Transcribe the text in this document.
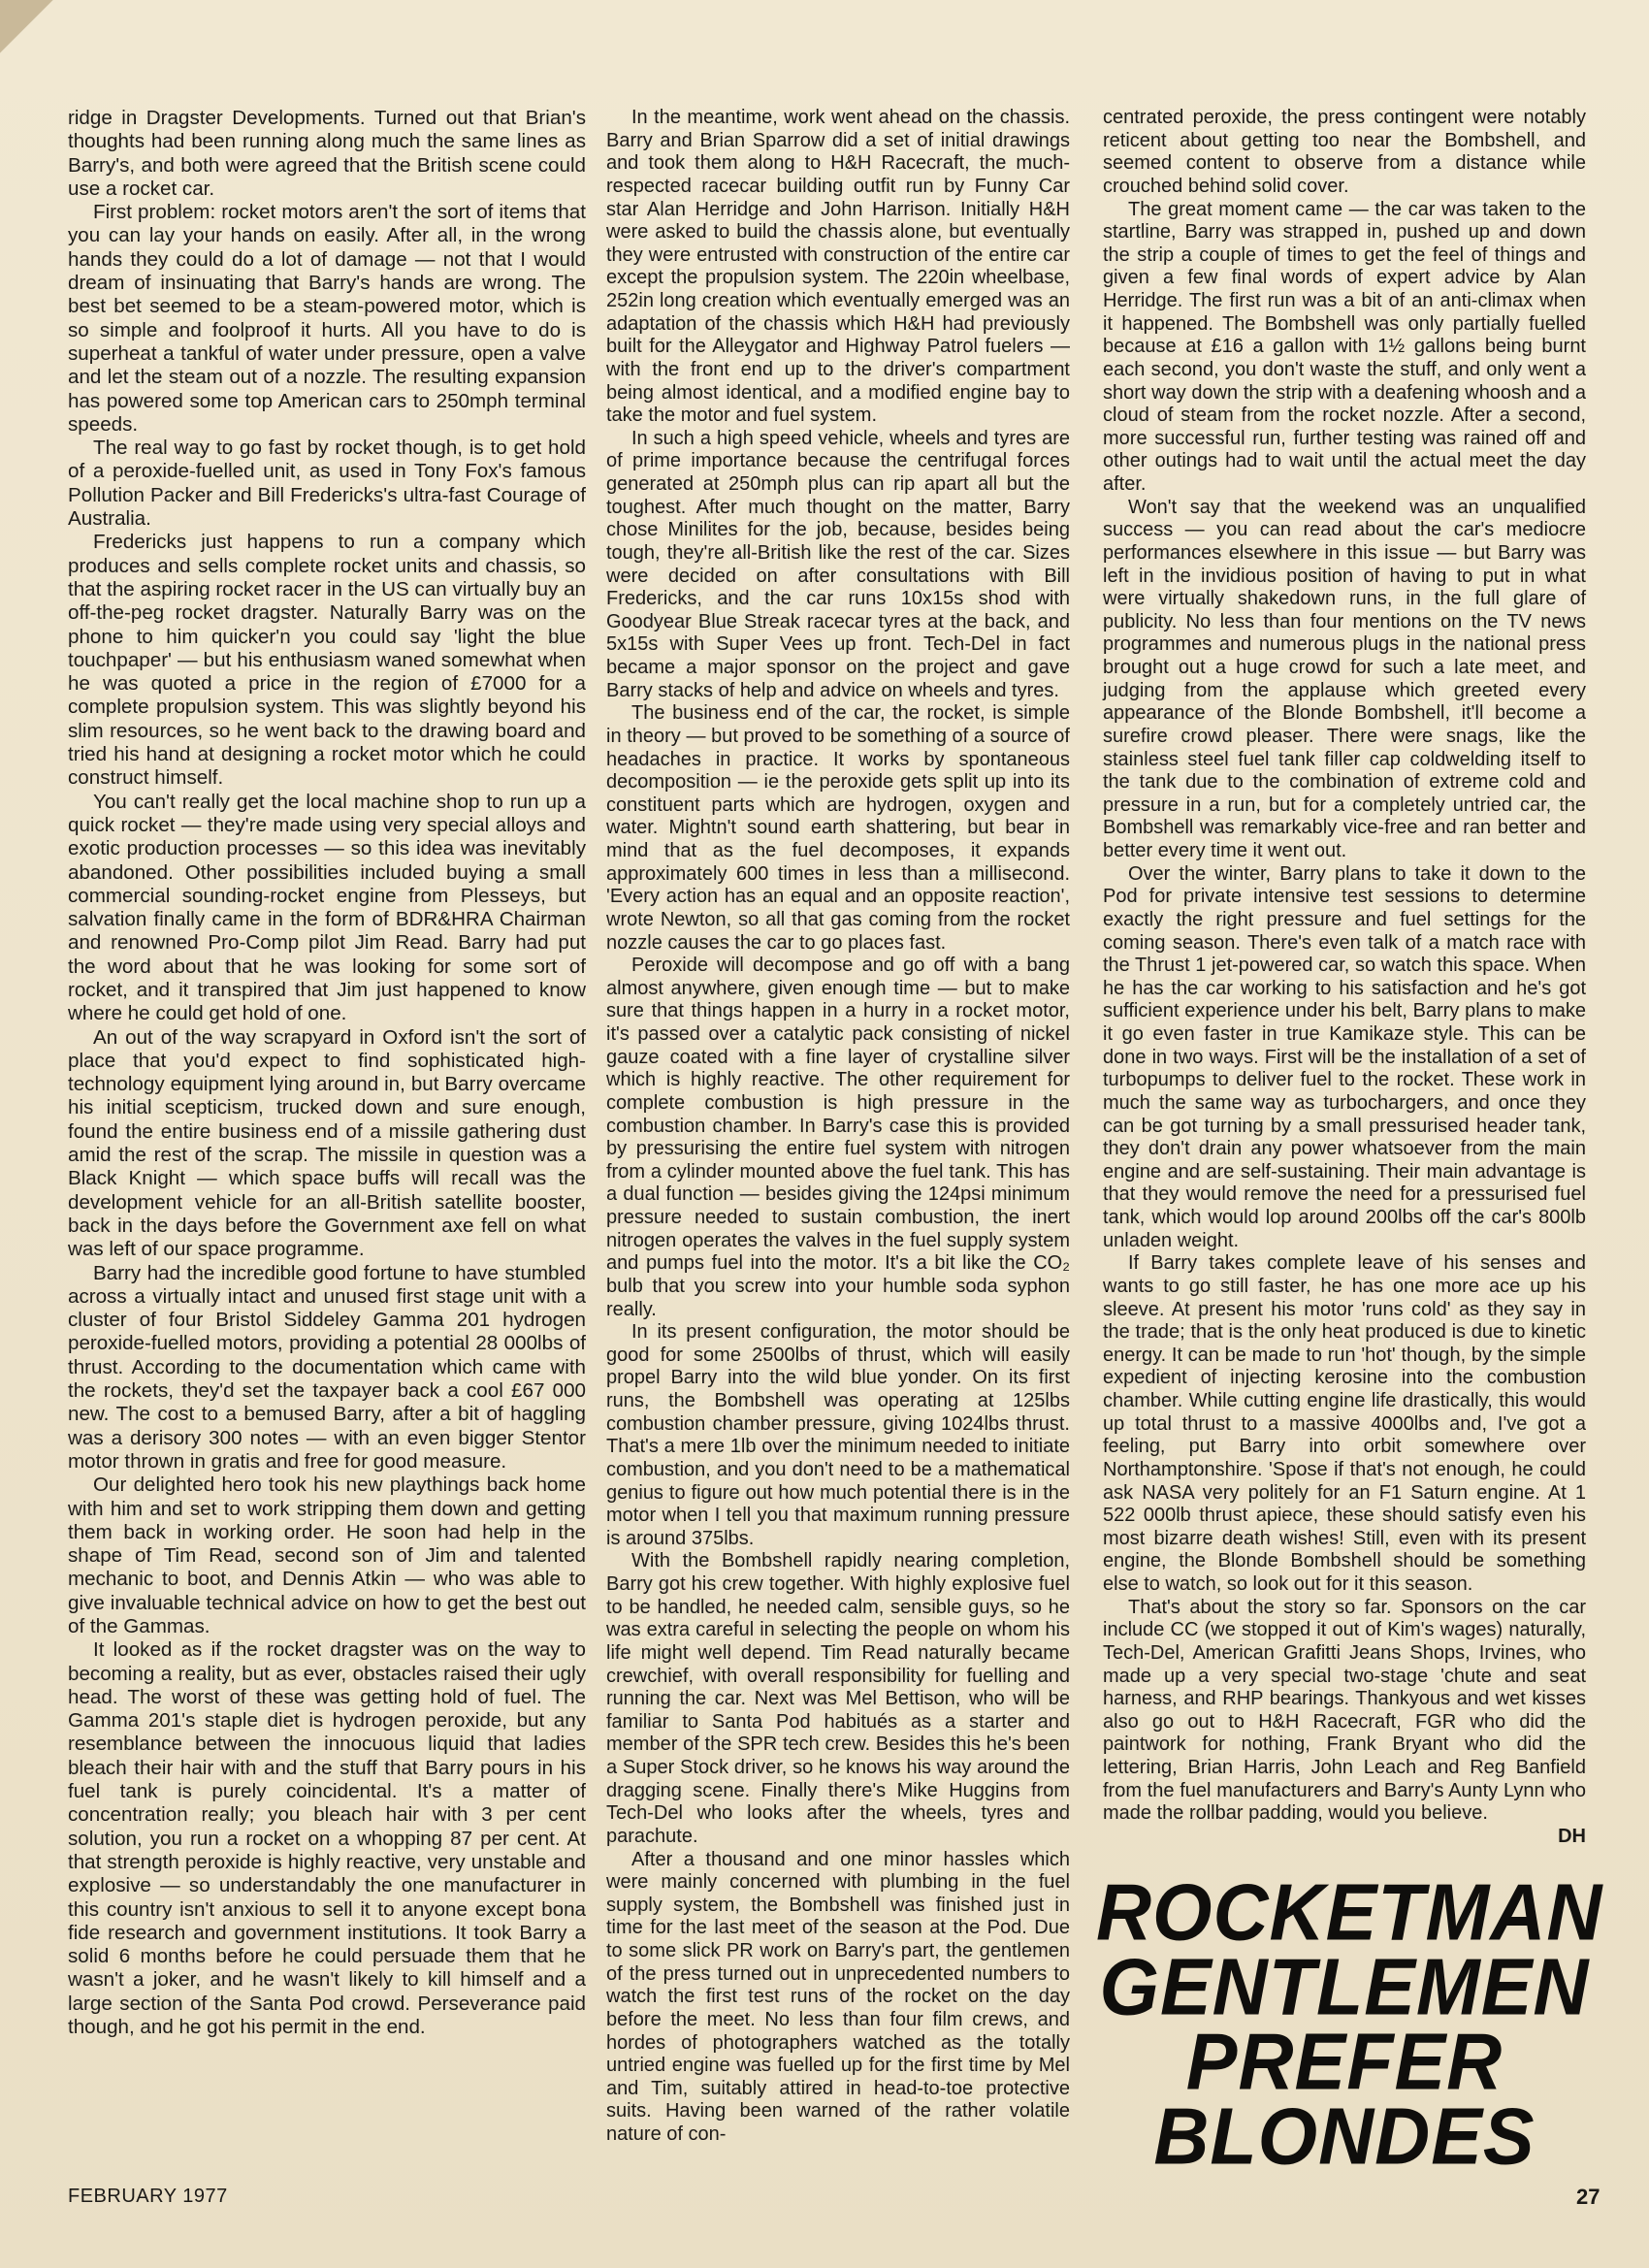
ridge in Dragster Developments. Turned out that Brian's thoughts had been running along much the same lines as Barry's, and both were agreed that the British scene could use a rocket car.

First problem: rocket motors aren't the sort of items that you can lay your hands on easily. After all, in the wrong hands they could do a lot of damage — not that I would dream of insinuating that Barry's hands are wrong. The best bet seemed to be a steam-powered motor, which is so simple and foolproof it hurts. All you have to do is superheat a tankful of water under pressure, open a valve and let the steam out of a nozzle. The resulting expansion has powered some top American cars to 250mph terminal speeds.

The real way to go fast by rocket though, is to get hold of a peroxide-fuelled unit, as used in Tony Fox's famous Pollution Packer and Bill Fredericks's ultra-fast Courage of Australia.

Fredericks just happens to run a company which produces and sells complete rocket units and chassis, so that the aspiring rocket racer in the US can virtually buy an off-the-peg rocket dragster. Naturally Barry was on the phone to him quicker'n you could say 'light the blue touchpaper' — but his enthusiasm waned somewhat when he was quoted a price in the region of £7000 for a complete propulsion system. This was slightly beyond his slim resources, so he went back to the drawing board and tried his hand at designing a rocket motor which he could construct himself.

You can't really get the local machine shop to run up a quick rocket — they're made using very special alloys and exotic production processes — so this idea was inevitably abandoned. Other possibilities included buying a small commercial sounding-rocket engine from Plesseys, but salvation finally came in the form of BDR&HRA Chairman and renowned Pro-Comp pilot Jim Read. Barry had put the word about that he was looking for some sort of rocket, and it transpired that Jim just happened to know where he could get hold of one.

An out of the way scrapyard in Oxford isn't the sort of place that you'd expect to find sophisticated high-technology equipment lying around in, but Barry overcame his initial scepticism, trucked down and sure enough, found the entire business end of a missile gathering dust amid the rest of the scrap. The missile in question was a Black Knight — which space buffs will recall was the development vehicle for an all-British satellite booster, back in the days before the Government axe fell on what was left of our space programme.

Barry had the incredible good fortune to have stumbled across a virtually intact and unused first stage unit with a cluster of four Bristol Siddeley Gamma 201 hydrogen peroxide-fuelled motors, providing a potential 28 000lbs of thrust. According to the documentation which came with the rockets, they'd set the taxpayer back a cool £67 000 new. The cost to a bemused Barry, after a bit of haggling was a derisory 300 notes — with an even bigger Stentor motor thrown in gratis and free for good measure.

Our delighted hero took his new playthings back home with him and set to work stripping them down and getting them back in working order. He soon had help in the shape of Tim Read, second son of Jim and talented mechanic to boot, and Dennis Atkin — who was able to give invaluable technical advice on how to get the best out of the Gammas.

It looked as if the rocket dragster was on the way to becoming a reality, but as ever, obstacles raised their ugly head. The worst of these was getting hold of fuel. The Gamma 201's staple diet is hydrogen peroxide, but any resemblance between the innocuous liquid that ladies bleach their hair with and the stuff that Barry pours in his fuel tank is purely coincidental. It's a matter of concentration really; you bleach hair with 3 per cent solution, you run a rocket on a whopping 87 per cent. At that strength peroxide is highly reactive, very unstable and explosive — so understandably the one manufacturer in this country isn't anxious to sell it to anyone except bona fide research and government institutions. It took Barry a solid 6 months before he could persuade them that he wasn't a joker, and he wasn't likely to kill himself and a large section of the Santa Pod crowd. Perseverance paid though, and he got his permit in the end.

In the meantime, work went ahead on the chassis. Barry and Brian Sparrow did a set of initial drawings and took them along to H&H Racecraft, the much-respected racecar building outfit run by Funny Car star Alan Herridge and John Harrison. Initially H&H were asked to build the chassis alone, but eventually they were entrusted with construction of the entire car except the propulsion system. The 220in wheelbase, 252in long creation which eventually emerged was an adaptation of the chassis which H&H had previously built for the Alleygator and Highway Patrol fuelers — with the front end up to the driver's compartment being almost identical, and a modified engine bay to take the motor and fuel system.

In such a high speed vehicle, wheels and tyres are of prime importance because the centrifugal forces generated at 250mph plus can rip apart all but the toughest. After much thought on the matter, Barry chose Minilites for the job, because, besides being tough, they're all-British like the rest of the car. Sizes were decided on after consultations with Bill Fredericks, and the car runs 10x15s shod with Goodyear Blue Streak racecar tyres at the back, and 5x15s with Super Vees up front. Tech-Del in fact became a major sponsor on the project and gave Barry stacks of help and advice on wheels and tyres.

The business end of the car, the rocket, is simple in theory — but proved to be something of a source of headaches in practice. It works by spontaneous decomposition — ie the peroxide gets split up into its constituent parts which are hydrogen, oxygen and water. Mightn't sound earth shattering, but bear in mind that as the fuel decomposes, it expands approximately 600 times in less than a millisecond. 'Every action has an equal and an opposite reaction', wrote Newton, so all that gas coming from the rocket nozzle causes the car to go places fast.

Peroxide will decompose and go off with a bang almost anywhere, given enough time — but to make sure that things happen in a hurry in a rocket motor, it's passed over a catalytic pack consisting of nickel gauze coated with a fine layer of crystalline silver which is highly reactive. The other requirement for complete combustion is high pressure in the combustion chamber. In Barry's case this is provided by pressurising the entire fuel system with nitrogen from a cylinder mounted above the fuel tank. This has a dual function — besides giving the 124psi minimum pressure needed to sustain combustion, the inert nitrogen operates the valves in the fuel supply system and pumps fuel into the motor. It's a bit like the CO₂ bulb that you screw into your humble soda syphon really.

In its present configuration, the motor should be good for some 2500lbs of thrust, which will easily propel Barry into the wild blue yonder. On its first runs, the Bombshell was operating at 125lbs combustion chamber pressure, giving 1024lbs thrust. That's a mere 1lb over the minimum needed to initiate combustion, and you don't need to be a mathematical genius to figure out how much potential there is in the motor when I tell you that maximum running pressure is around 375lbs.

With the Bombshell rapidly nearing completion, Barry got his crew together. With highly explosive fuel to be handled, he needed calm, sensible guys, so he was extra careful in selecting the people on whom his life might well depend. Tim Read naturally became crewchief, with overall responsibility for fuelling and running the car. Next was Mel Bettison, who will be familiar to Santa Pod habitués as a starter and member of the SPR tech crew. Besides this he's been a Super Stock driver, so he knows his way around the dragging scene. Finally there's Mike Huggins from Tech-Del who looks after the wheels, tyres and parachute.

After a thousand and one minor hassles which were mainly concerned with plumbing in the fuel supply system, the Bombshell was finished just in time for the last meet of the season at the Pod. Due to some slick PR work on Barry's part, the gentlemen of the press turned out in unprecedented numbers to watch the first test runs of the rocket on the day before the meet. No less than four film crews, and hordes of photographers watched as the totally untried engine was fuelled up for the first time by Mel and Tim, suitably attired in head-to-toe protective suits. Having been warned of the rather volatile nature of con-

centrated peroxide, the press contingent were notably reticent about getting too near the Bombshell, and seemed content to observe from a distance while crouched behind solid cover.

The great moment came — the car was taken to the startline, Barry was strapped in, pushed up and down the strip a couple of times to get the feel of things and given a few final words of expert advice by Alan Herridge. The first run was a bit of an anti-climax when it happened. The Bombshell was only partially fuelled because at £16 a gallon with 1½ gallons being burnt each second, you don't waste the stuff, and only went a short way down the strip with a deafening whoosh and a cloud of steam from the rocket nozzle. After a second, more successful run, further testing was rained off and other outings had to wait until the actual meet the day after.

Won't say that the weekend was an unqualified success — you can read about the car's mediocre performances elsewhere in this issue — but Barry was left in the invidious position of having to put in what were virtually shakedown runs, in the full glare of publicity. No less than four mentions on the TV news programmes and numerous plugs in the national press brought out a huge crowd for such a late meet, and judging from the applause which greeted every appearance of the Blonde Bombshell, it'll become a surefire crowd pleaser. There were snags, like the stainless steel fuel tank filler cap coldwelding itself to the tank due to the combination of extreme cold and pressure in a run, but for a completely untried car, the Bombshell was remarkably vice-free and ran better and better every time it went out.

Over the winter, Barry plans to take it down to the Pod for private intensive test sessions to determine exactly the right pressure and fuel settings for the coming season. There's even talk of a match race with the Thrust 1 jet-powered car, so watch this space. When he has the car working to his satisfaction and he's got sufficient experience under his belt, Barry plans to make it go even faster in true Kamikaze style. This can be done in two ways. First will be the installation of a set of turbopumps to deliver fuel to the rocket. These work in much the same way as turbochargers, and once they can be got turning by a small pressurised header tank, they don't drain any power whatsoever from the main engine and are self-sustaining. Their main advantage is that they would remove the need for a pressurised fuel tank, which would lop around 200lbs off the car's 800lb unladen weight.

If Barry takes complete leave of his senses and wants to go still faster, he has one more ace up his sleeve. At present his motor 'runs cold' as they say in the trade; that is the only heat produced is due to kinetic energy. It can be made to run 'hot' though, by the simple expedient of injecting kerosine into the combustion chamber. While cutting engine life drastically, this would up total thrust to a massive 4000lbs and, I've got a feeling, put Barry into orbit somewhere over Northamptonshire. 'Spose if that's not enough, he could ask NASA very politely for an F1 Saturn engine. At 1 522 000lb thrust apiece, these should satisfy even his most bizarre death wishes! Still, even with its present engine, the Blonde Bombshell should be something else to watch, so look out for it this season.

That's about the story so far. Sponsors on the car include CC (we stopped it out of Kim's wages) naturally, Tech-Del, American Grafitti Jeans Shops, Irvines, who made up a very special two-stage 'chute and seat harness, and RHP bearings. Thankyous and wet kisses also go out to H&H Racecraft, FGR who did the paintwork for nothing, Frank Bryant who did the lettering, Brian Harris, John Leach and Reg Banfield from the fuel manufacturers and Barry's Aunty Lynn who made the rollbar padding, would you believe.

DH
ROCKETMAN
GENTLEMEN
PREFER
BLONDES
FEBRUARY 1977	27
